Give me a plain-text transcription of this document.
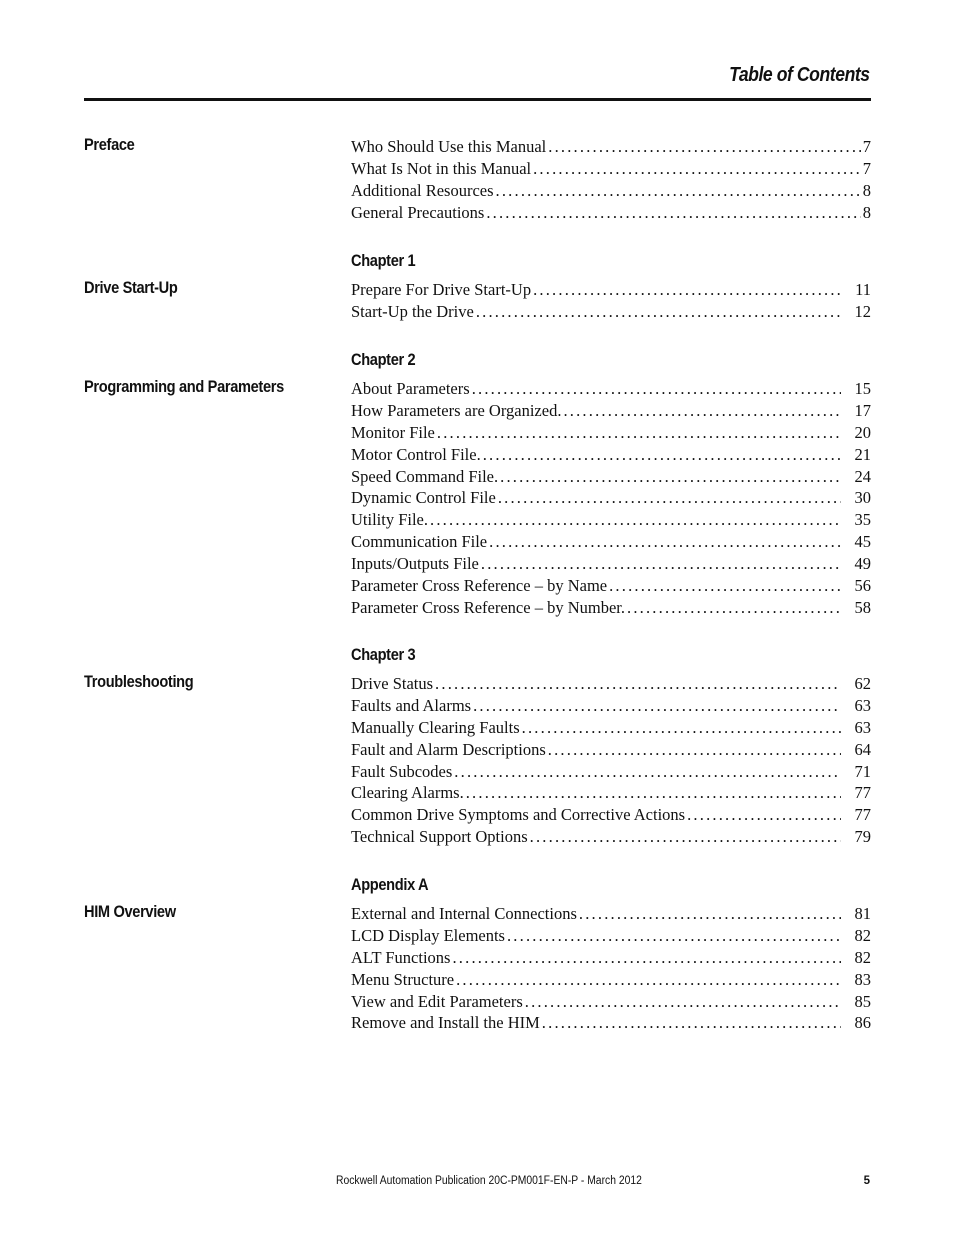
Table of Contents
Preface	Who Should Use this Manual .....	7
What Is Not in this Manual .....	7
Additional Resources .....	8
General Precautions .....	8
Chapter 1
Drive Start-Up	Prepare For Drive Start-Up .....	11
Start-Up the Drive .....	12
Chapter 2
Programming and Parameters	About Parameters .....	15
How Parameters are Organized. .....	17
Monitor File .....	20
Motor Control File. .....	21
Speed Command File. .....	24
Dynamic Control File .....	30
Utility File. .....	35
Communication File .....	45
Inputs/Outputs File .....	49
Parameter Cross Reference – by Name .....	56
Parameter Cross Reference – by Number. .....	58
Chapter 3
Troubleshooting	Drive Status .....	62
Faults and Alarms .....	63
Manually Clearing Faults .....	63
Fault and Alarm Descriptions .....	64
Fault Subcodes .....	71
Clearing Alarms. .....	77
Common Drive Symptoms and Corrective Actions .....	77
Technical Support Options .....	79
Appendix A
HIM Overview	External and Internal Connections .....	81
LCD Display Elements .....	82
ALT Functions .....	82
Menu Structure .....	83
View and Edit Parameters .....	85
Remove and Install the HIM .....	86
Rockwell Automation Publication 20C-PM001F-EN-P - March 2012	5
